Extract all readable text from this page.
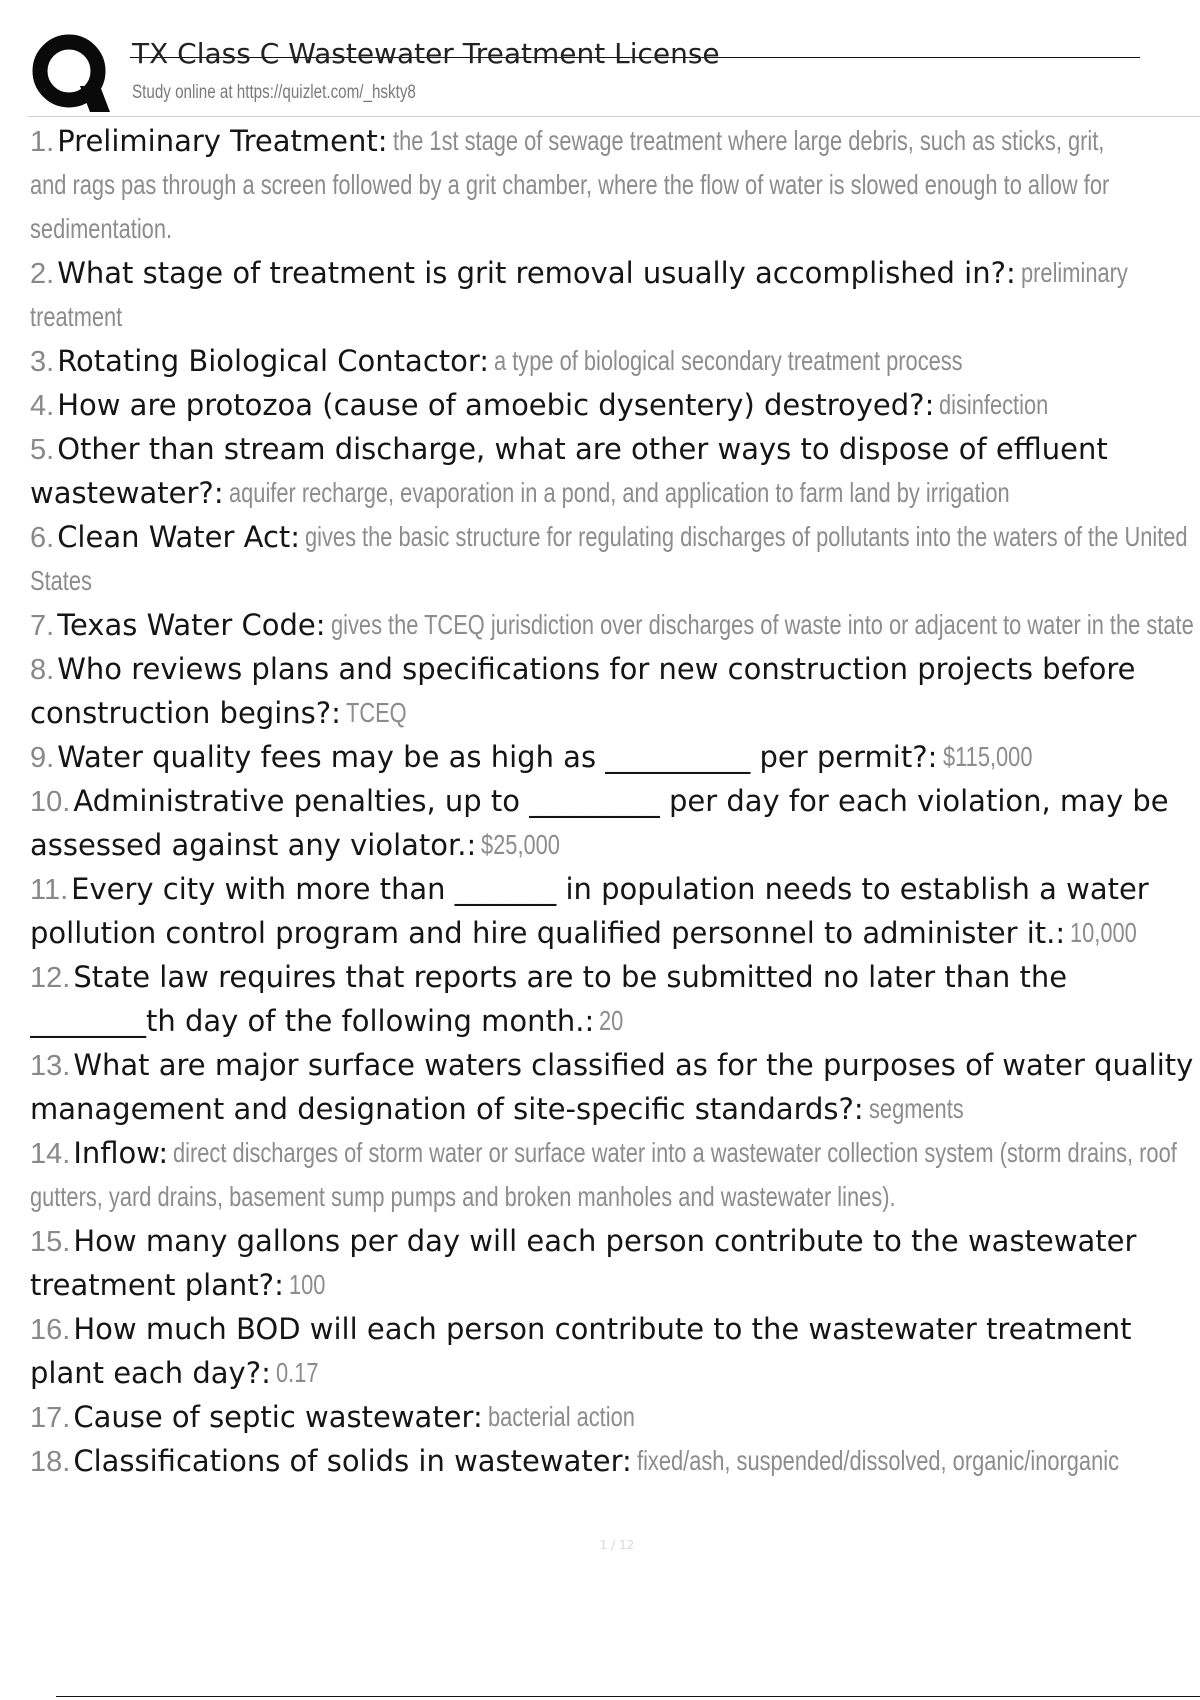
TX Class C Wastewater Treatment License

Study online at https://quizlet.com/_hskty8

1. Preliminary Treatment: the 1st stage of sewage treatment where large debris, such as sticks, grit,
and rags pas through a screen followed by a grit chamber, where the flow of water is slowed enough to allow for
sedimentation.
2. What stage of treatment is grit removal usually accomplished in?: preliminary
treatment
3. Rotating Biological Contactor: a type of biological secondary treatment process
4. How are protozoa (cause of amoebic dysentery) destroyed?: disinfection
5. Other than stream discharge, what are other ways to dispose of effluent
wastewater?: aquifer recharge, evaporation in a pond, and application to farm land by irrigation
6. Clean Water Act: gives the basic structure for regulating discharges of pollutants into the waters of the United
States
7. Texas Water Code: gives the TCEQ jurisdiction over discharges of waste into or adjacent to water in the state
8. Who reviews plans and specifications for new construction projects before
construction begins?: TCEQ
9. Water quality fees may be as high as __________ per permit?: $115,000
10. Administrative penalties, up to _________ per day for each violation, may be
assessed against any violator.: $25,000
11. Every city with more than _______ in population needs to establish a water
pollution control program and hire qualified personnel to administer it.: 10,000
12. State law requires that reports are to be submitted no later than the
________th day of the following month.: 20
13. What are major surface waters classified as for the purposes of water quality
management and designation of site-specific standards?: segments
14. Inflow: direct discharges of storm water or surface water into a wastewater collection system (storm drains, roof
gutters, yard drains, basement sump pumps and broken manholes and wastewater lines).
15. How many gallons per day will each person contribute to the wastewater
treatment plant?: 100
16. How much BOD will each person contribute to the wastewater treatment
plant each day?: 0.17
17. Cause of septic wastewater: bacterial action
18. Classifications of solids in wastewater: fixed/ash, suspended/dissolved, organic/inorganic
1 / 12
